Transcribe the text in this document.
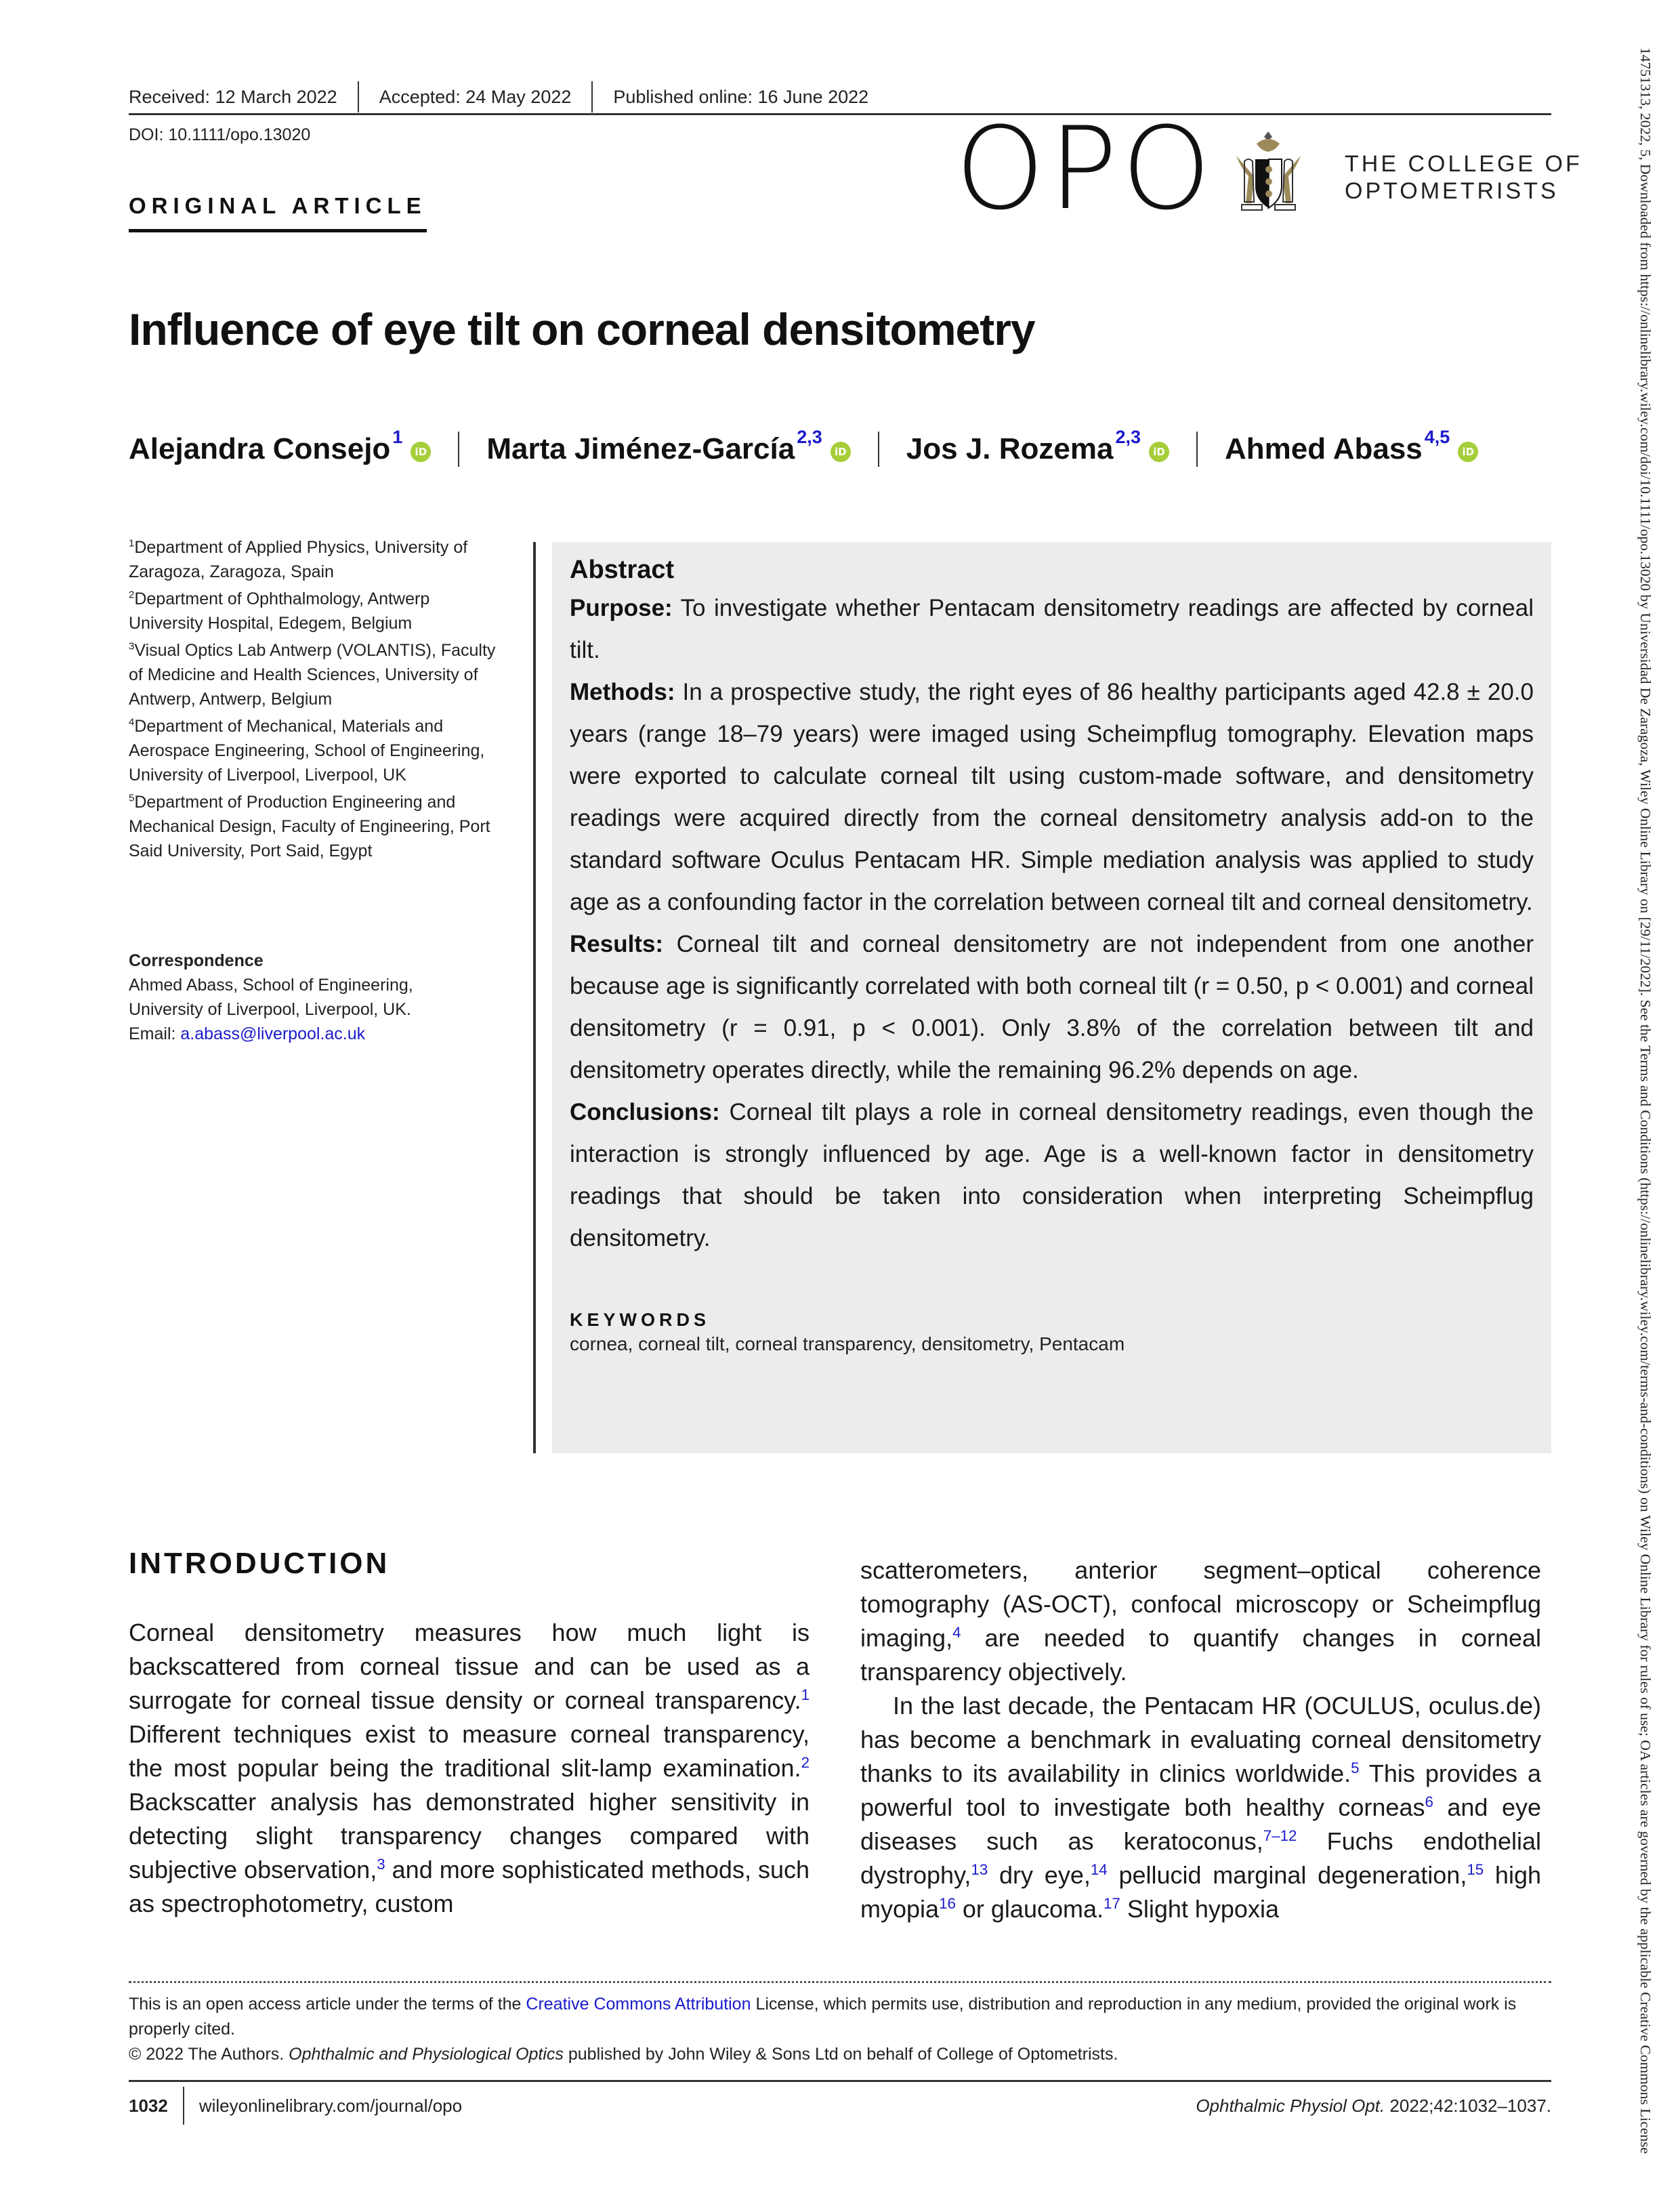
Received: 12 March 2022	Accepted: 24 May 2022	Published online: 16 June 2022
DOI: 10.1111/opo.13020
ORIGINAL ARTICLE	OPO	THE COLLEGE OF
OPTOMETRISTS
Influence of eye tilt on corneal densitometry
Alejandra Consejo$^1$
iD Marta Jiménez-García$^{2,3}$
iD Jos J. Rozema$^{2,3}$
iD Ahmed Abass$^{4,5}$
iD
$^1$Department of Applied Physics, University of Zaragoza, Zaragoza, Spain
$^2$Department of Ophthalmology, Antwerp University Hospital, Edegem, Belgium
$^3$Visual Optics Lab Antwerp (VOLANTIS), Faculty of Medicine and Health Sciences, University of Antwerp, Antwerp, Belgium
$^4$Department of Mechanical, Materials and Aerospace Engineering, School of Engineering, University of Liverpool, Liverpool, UK
$^5$Department of Production Engineering and Mechanical Design, Faculty of Engineering, Port Said University, Port Said, Egypt
Correspondence
Ahmed Abass, School of Engineering,
University of Liverpool, Liverpool, UK.
Email: a.abass@liverpool.ac.uk
Abstract

Purpose: To investigate whether Pentacam densitometry readings are affected by corneal tilt.

Methods: In a prospective study, the right eyes of 86 healthy participants aged 42.8 ± 20.0 years (range 18–79 years) were imaged using Scheimpflug tomography. Elevation maps were exported to calculate corneal tilt using custom-made software, and densitometry readings were acquired directly from the corneal densitometry analysis add-on to the standard software Oculus Pentacam HR. Simple mediation analysis was applied to study age as a confounding factor in the correlation between corneal tilt and corneal densitometry.

Results: Corneal tilt and corneal densitometry are not independent from one another because age is significantly correlated with both corneal tilt (r = 0.50, p < 0.001) and corneal densitometry (r = 0.91, p < 0.001). Only 3.8% of the correlation between tilt and densitometry operates directly, while the remaining 96.2% depends on age.

Conclusions: Corneal tilt plays a role in corneal densitometry readings, even though the interaction is strongly influenced by age. Age is a well-known factor in densitometry readings that should be taken into consideration when interpreting Scheimpflug densitometry.

KEYWORDS
cornea, corneal tilt, corneal transparency, densitometry, Pentacam
INTRODUCTION

Corneal densitometry measures how much light is backscattered from corneal tissue and can be used as a surrogate for corneal tissue density or corneal transparency.$^1$ Different techniques exist to measure corneal transparency, the most popular being the traditional slit-lamp examination.$^2$ Backscatter analysis has demonstrated higher sensitivity in detecting slight transparency changes compared with subjective observation,$^3$ and more sophisticated methods, such as spectrophotometry, custom

scatterometers, anterior segment–optical coherence tomography (AS-OCT), confocal microscopy or Scheimpflug imaging,$^4$ are needed to quantify changes in corneal transparency objectively.

In the last decade, the Pentacam HR (OCULUS, oculus.de) has become a benchmark in evaluating corneal densitometry thanks to its availability in clinics worldwide.$^5$ This provides a powerful tool to investigate both healthy corneas$^6$ and eye diseases such as keratoconus,$^{7-12}$ Fuchs endothelial dystrophy,$^{13}$ dry eye,$^{14}$ pellucid marginal degeneration,$^{15}$ high myopia$^{16}$ or glaucoma.$^{17}$ Slight hypoxia

This is an open access article under the terms of the Creative Commons Attribution License, which permits use, distribution and reproduction in any medium, provided the original work is properly cited.
© 2022 The Authors. Ophthalmic and Physiological Optics published by John Wiley & Sons Ltd on behalf of College of Optometrists.
1032	wileyonlinelibrary.com/journal/opo	Ophthalmic Physiol Opt. 2022;42:1032–1037.	14751313, 2022, 5, Downloaded from https://onlinelibrary.wiley.com/doi/10.1111/opo.13020 by Universidad De Zaragoza, Wiley Online Library on [29/11/2022]. See the Terms and Conditions (https://onlinelibrary.wiley.com/terms-and-conditions) on Wiley Online Library for rules of use; OA articles are governed by the applicable Creative Commons License
